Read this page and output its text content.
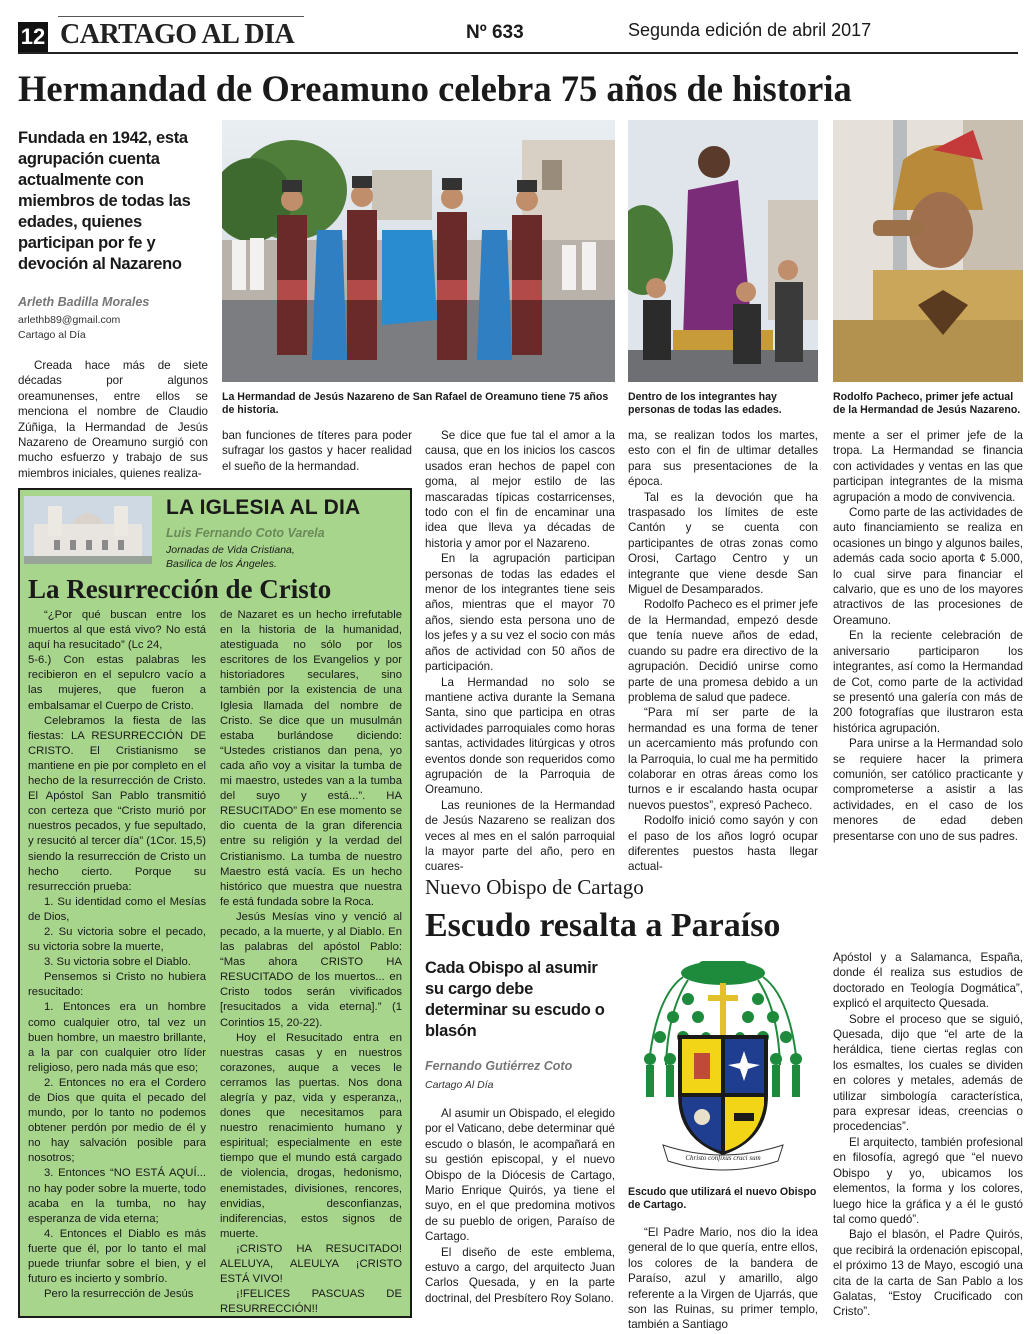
12 CARTAGO AL DIA	Nº 633	Segunda edición de abril 2017
Hermandad de Oreamuno celebra 75 años de historia
Fundada en 1942, esta agrupación cuenta actualmente con miembros de todas las edades, quienes participan por fe y devoción al Nazareno
Arleth Badilla Morales
arlethb89@gmail.com
Cartago al Día

Creada hace más de siete décadas por algunos oreamunenses, entre ellos se menciona el nombre de Claudio Zúñiga, la Hermandad de Jesús Nazareno de Oreamuno surgió con mucho esfuerzo y trabajo de sus miembros iniciales, quienes realiza-

La Hermandad de Jesús Nazareno de San Rafael de Oreamuno tiene 75 años de historia.
Dentro de los integrantes hay personas de todas las edades.
Rodolfo Pacheco, primer jefe actual de la Hermandad de Jesús Nazareno.

ban funciones de títeres para poder sufragar los gastos y hacer realidad el sueño de la hermandad.

Se dice que fue tal el amor a la causa, que en los inicios los cascos usados eran hechos de papel con goma, al mejor estilo de las mascaradas típicas costarricenses, todo con el fin de encaminar una idea que lleva ya décadas de historia y amor por el Nazareno.

En la agrupación participan personas de todas las edades el menor de los integrantes tiene seis años, mientras que el mayor 70 años, siendo esta persona uno de los jefes y a su vez el socio con más años de actividad con 50 años de participación.

La Hermandad no solo se mantiene activa durante la Semana Santa, sino que participa en otras actividades parroquiales como horas santas, actividades litúrgicas y otros eventos donde son requeridos como agrupación de la Parroquia de Oreamuno.

Las reuniones de la Hermandad de Jesús Nazareno se realizan dos veces al mes en el salón parroquial la mayor parte del año, pero en cuares-

ma, se realizan todos los martes, esto con el fin de ultimar detalles para sus presentaciones de la época.

Tal es la devoción que ha traspasado los límites de este Cantón y se cuenta con participantes de otras zonas como Orosi, Cartago Centro y un integrante que viene desde San Miguel de Desamparados.

Rodolfo Pacheco es el primer jefe de la Hermandad, empezó desde que tenía nueve años de edad, cuando su padre era directivo de la agrupación. Decidió unirse como parte de una promesa debido a un problema de salud que padece.

“Para mí ser parte de la hermandad es una forma de tener un acercamiento más profundo con la Parroquia, lo cual me ha permitido colaborar en otras áreas como los turnos e ir escalando hasta ocupar nuevos puestos”, expresó Pacheco.

Rodolfo inició como sayón y con el paso de los años logró ocupar diferentes puestos hasta llegar actual-

mente a ser el primer jefe de la tropa. La Hermandad se financia con actividades y ventas en las que participan integrantes de la misma agrupación a modo de convivencia.

Como parte de las actividades de auto financiamiento se realiza en ocasiones un bingo y algunos bailes, además cada socio aporta ¢ 5.000, lo cual sirve para financiar el calvario, que es uno de los mayores atractivos de las procesiones de Oreamuno.

En la reciente celebración de aniversario participaron los integrantes, así como la Hermandad de Cot, como parte de la actividad se presentó una galería con más de 200 fotografías que ilustraron esta histórica agrupación.

Para unirse a la Hermandad solo se requiere hacer la primera comunión, ser católico practicante y comprometerse a asistir a las actividades, en el caso de los menores de edad deben presentarse con uno de sus padres.

LA IGLESIA AL DIA
Luis Fernando Coto Varela
Jornadas de Vida Cristiana,
Basilica de los Ángeles.
La Resurrección de Cristo

“¿Por qué buscan entre los muertos al que está vivo? No está aquí ha resucitado” (Lc 24,

5-6.) Con estas palabras les recibieron en el sepulcro vacío a las mujeres, que fueron a embalsamar el Cuerpo de Cristo.

Celebramos la fiesta de las fiestas: LA RESURRECCIÓN DE CRISTO. El Cristianismo se mantiene en pie por completo en el hecho de la resurrección de Cristo. El Apóstol San Pablo transmitió con certeza que “Cristo murió por nuestros pecados, y fue sepultado, y resucitó al tercer día” (1Cor. 15,5) siendo la resurrección de Cristo un hecho cierto. Porque su resurrección prueba:

1. Su identidad como el Mesías de Dios,

2. Su victoria sobre el pecado, su victoria sobre la muerte,

3. Su victoria sobre el Diablo.

Pensemos si Cristo no hubiera resucitado:

1. Entonces era un hombre como cualquier otro, tal vez un buen hombre, un maestro brillante, a la par con cualquier otro líder religioso, pero nada más que eso;

2. Entonces no era el Cordero de Dios que quita el pecado del mundo, por lo tanto no podemos obtener perdón por medio de él y no hay salvación posible para nosotros;

3. Entonces “NO ESTÁ AQUÍ... no hay poder sobre la muerte, todo acaba en la tumba, no hay esperanza de vida eterna;

4. Entonces el Diablo es más fuerte que él, por lo tanto el mal puede triunfar sobre el bien, y el futuro es incierto y sombrío.

Pero la resurrección de Jesús

de Nazaret es un hecho irrefutable en la historia de la humanidad, atestiguada no sólo por los escritores de los Evangelios y por historiadores seculares, sino también por la existencia de una Iglesia llamada del nombre de Cristo. Se dice que un musulmán estaba burlándose diciendo: “Ustedes cristianos dan pena, yo cada año voy a visitar la tumba de mi maestro, ustedes van a la tumba del suyo y está...”. HA RESUCITADO” En ese momento se dio cuenta de la gran diferencia entre su religión y la verdad del Cristianismo. La tumba de nuestro Maestro está vacía. Es un hecho histórico que muestra que nuestra fe está fundada sobre la Roca.

Jesús Mesías vino y venció al pecado, a la muerte, y al Diablo. En las palabras del apóstol Pablo: “Mas ahora CRISTO HA RESUCITADO de los muertos... en Cristo todos serán vivificados [resucitados a vida eterna].” (1 Corintios 15, 20-22).

Hoy el Resucitado entra en nuestras casas y en nuestros corazones, auque a veces le cerramos las puertas. Nos dona alegría y paz, vida y esperanza,, dones que necesitamos para nuestro renacimiento humano y espiritual; especialmente en este tiempo que el mundo está cargado de violencia, drogas, hedonismo, enemistades, divisiones, rencores, envidias, desconfianzas, indiferencias, estos signos de muerte.

¡CRISTO HA RESUCITADO! ALELUYA, ALEULYA ¡CRISTO ESTÁ VIVO!

¡!FELICES PASCUAS DE RESURRECCIÓN!!

Nuevo Obispo de Cartago
Escudo resalta a Paraíso
Cada Obispo al asumir su cargo debe determinar su escudo o blasón
Fernando Gutiérrez Coto
Cartago Al Día

Al asumir un Obispado, el elegido por el Vaticano, debe determinar qué escudo o blasón, le acompañará en su gestión episcopal, y el nuevo Obispo de la Diócesis de Cartago, Mario Enrique Quirós, ya tiene el suyo, en el que predomina motivos de su pueblo de origen, Paraíso de Cartago.

El diseño de este emblema, estuvo a cargo, del arquitecto Juan Carlos Quesada, y en la parte doctrinal, del Presbítero Roy Solano.

Christo confixus cruci sum
Escudo que utilizará el nuevo Obispo de Cartago.

“El Padre Mario, nos dio la idea general de lo que quería, entre ellos, los colores de la bandera de Paraíso, azul y amarillo, algo referente a la Virgen de Ujarrás, que son las Ruinas, su primer templo, también a Santiago

Apóstol y a Salamanca, España, donde él realiza sus estudios de doctorado en Teología Dogmática”, explicó el arquitecto Quesada.

Sobre el proceso que se siguió, Quesada, dijo que “el arte de la heráldica, tiene ciertas reglas con los esmaltes, los cuales se dividen en colores y metales, además de utilizar simbología característica, para expresar ideas, creencias o procedencias”.

El arquitecto, también profesional en filosofía, agregó que “el nuevo Obispo y yo, ubicamos los elementos, la forma y los colores, luego hice la gráfica y a él le gustó tal como quedó”.

Bajo el blasón, el Padre Quirós, que recibirá la ordenación episcopal, el próximo 13 de Mayo, escogió una cita de la carta de San Pablo a los Galatas, “Estoy Crucificado con Cristo”.
